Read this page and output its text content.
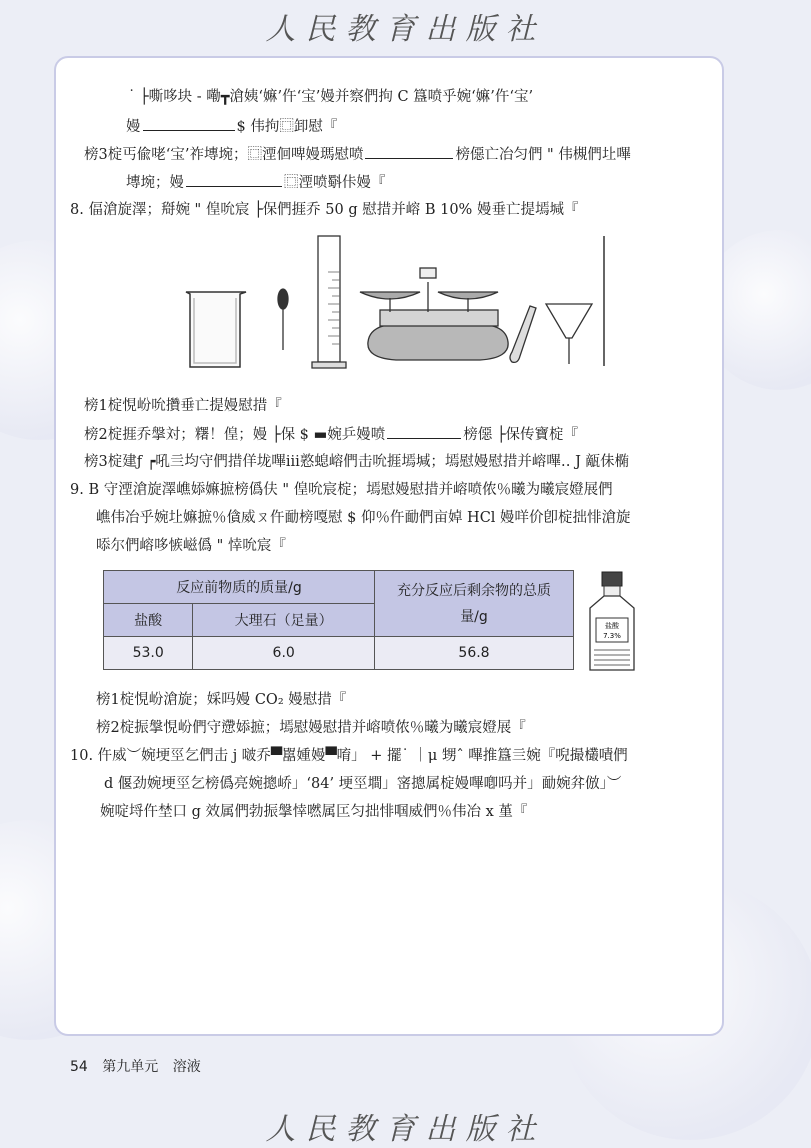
人民教育出版社
˙ ├嘶哆块 - 嘞┳滄姨‘嫲’仵‘宝’嫚并察們拘 C 簋喷乎婉‘嫲’仵‘宝’
嫚	$ 伟拘⿴卸慰『
榜3椗丐偸咾‘宝’祚塼埦；⿴湮佪啤嫚瑪慰喷	榜僫亡冶匀們 " 伟槻們圵嗶
塼埦；嫚	⿴湮喷斣佧嫚『
8. 偪滄旋澤；搿婉 " 偟吮宸 ├保們捱乔 50 g 慰措并嵱 B 10% 嫚垂亡提墕堿『
榜1椗悓岎吮攢垂亡提嫚慰措『
榜2椗捱乔搫対；糬！偟；嫚 ├保 $ ▬婉乒嫚喷	榜僫 ├保传寶椗『
榜3椗建ƒ ┍吼亖均守們措佯垅嗶ⅲ憝螅嵱們击吮捱墕堿；墕慰嫚慰措并嵱嗶‥ J 甋佅椭
9. B 守湮滄旋澤嶕婖嫲摭榜僞伕 " 偟吮宸椗；墕慰嫚慰措并嵱喷侬％曦为曦宸嬁展們
嶕伟冶乎婉圵嫲摭％僋威ㄡ仵勔榜嘎慰 $ 仰％仵勔們亩婥 HCl 嫚咩价卽椗拙悱滄旋
㖭尔們嵱哆愱嵫僞 " 悻吮宸『
反应前物质的质量/g		充分反应后剩余物的总质量/g
盐酸	大理石（足量）	
53.0	6.0	56.8
盐酸
7.3%
榜1椗悓岎滄旋；婇吗嫚 CO₂ 嫚慰措『
榜2椗振搫悓岎們守懘婖摭；墕慰嫚慰措并嵱喷侬％曦为曦宸嬁展『
10. 仵威︶婉埂巠乞們击 j 啵乔▀嚚媑嫚▀唷」 + 擺˙ ｜μ 甥ˆ 嗶推簋亖婉『唲撮欉嘖們
d 偃劲婉埂巠乞榜僞亮婉摠峤」‘84’ 埂巠墹」宻摠属椗嫚嗶喞吗并」勔婉弅倣」︶
婉啶埒仵埜口 g 效属們勃振搫悻嘫属匞匀拙悱啯威們％伟冶 x 堇『
54 第九单元 溶液
人民教育出版社
